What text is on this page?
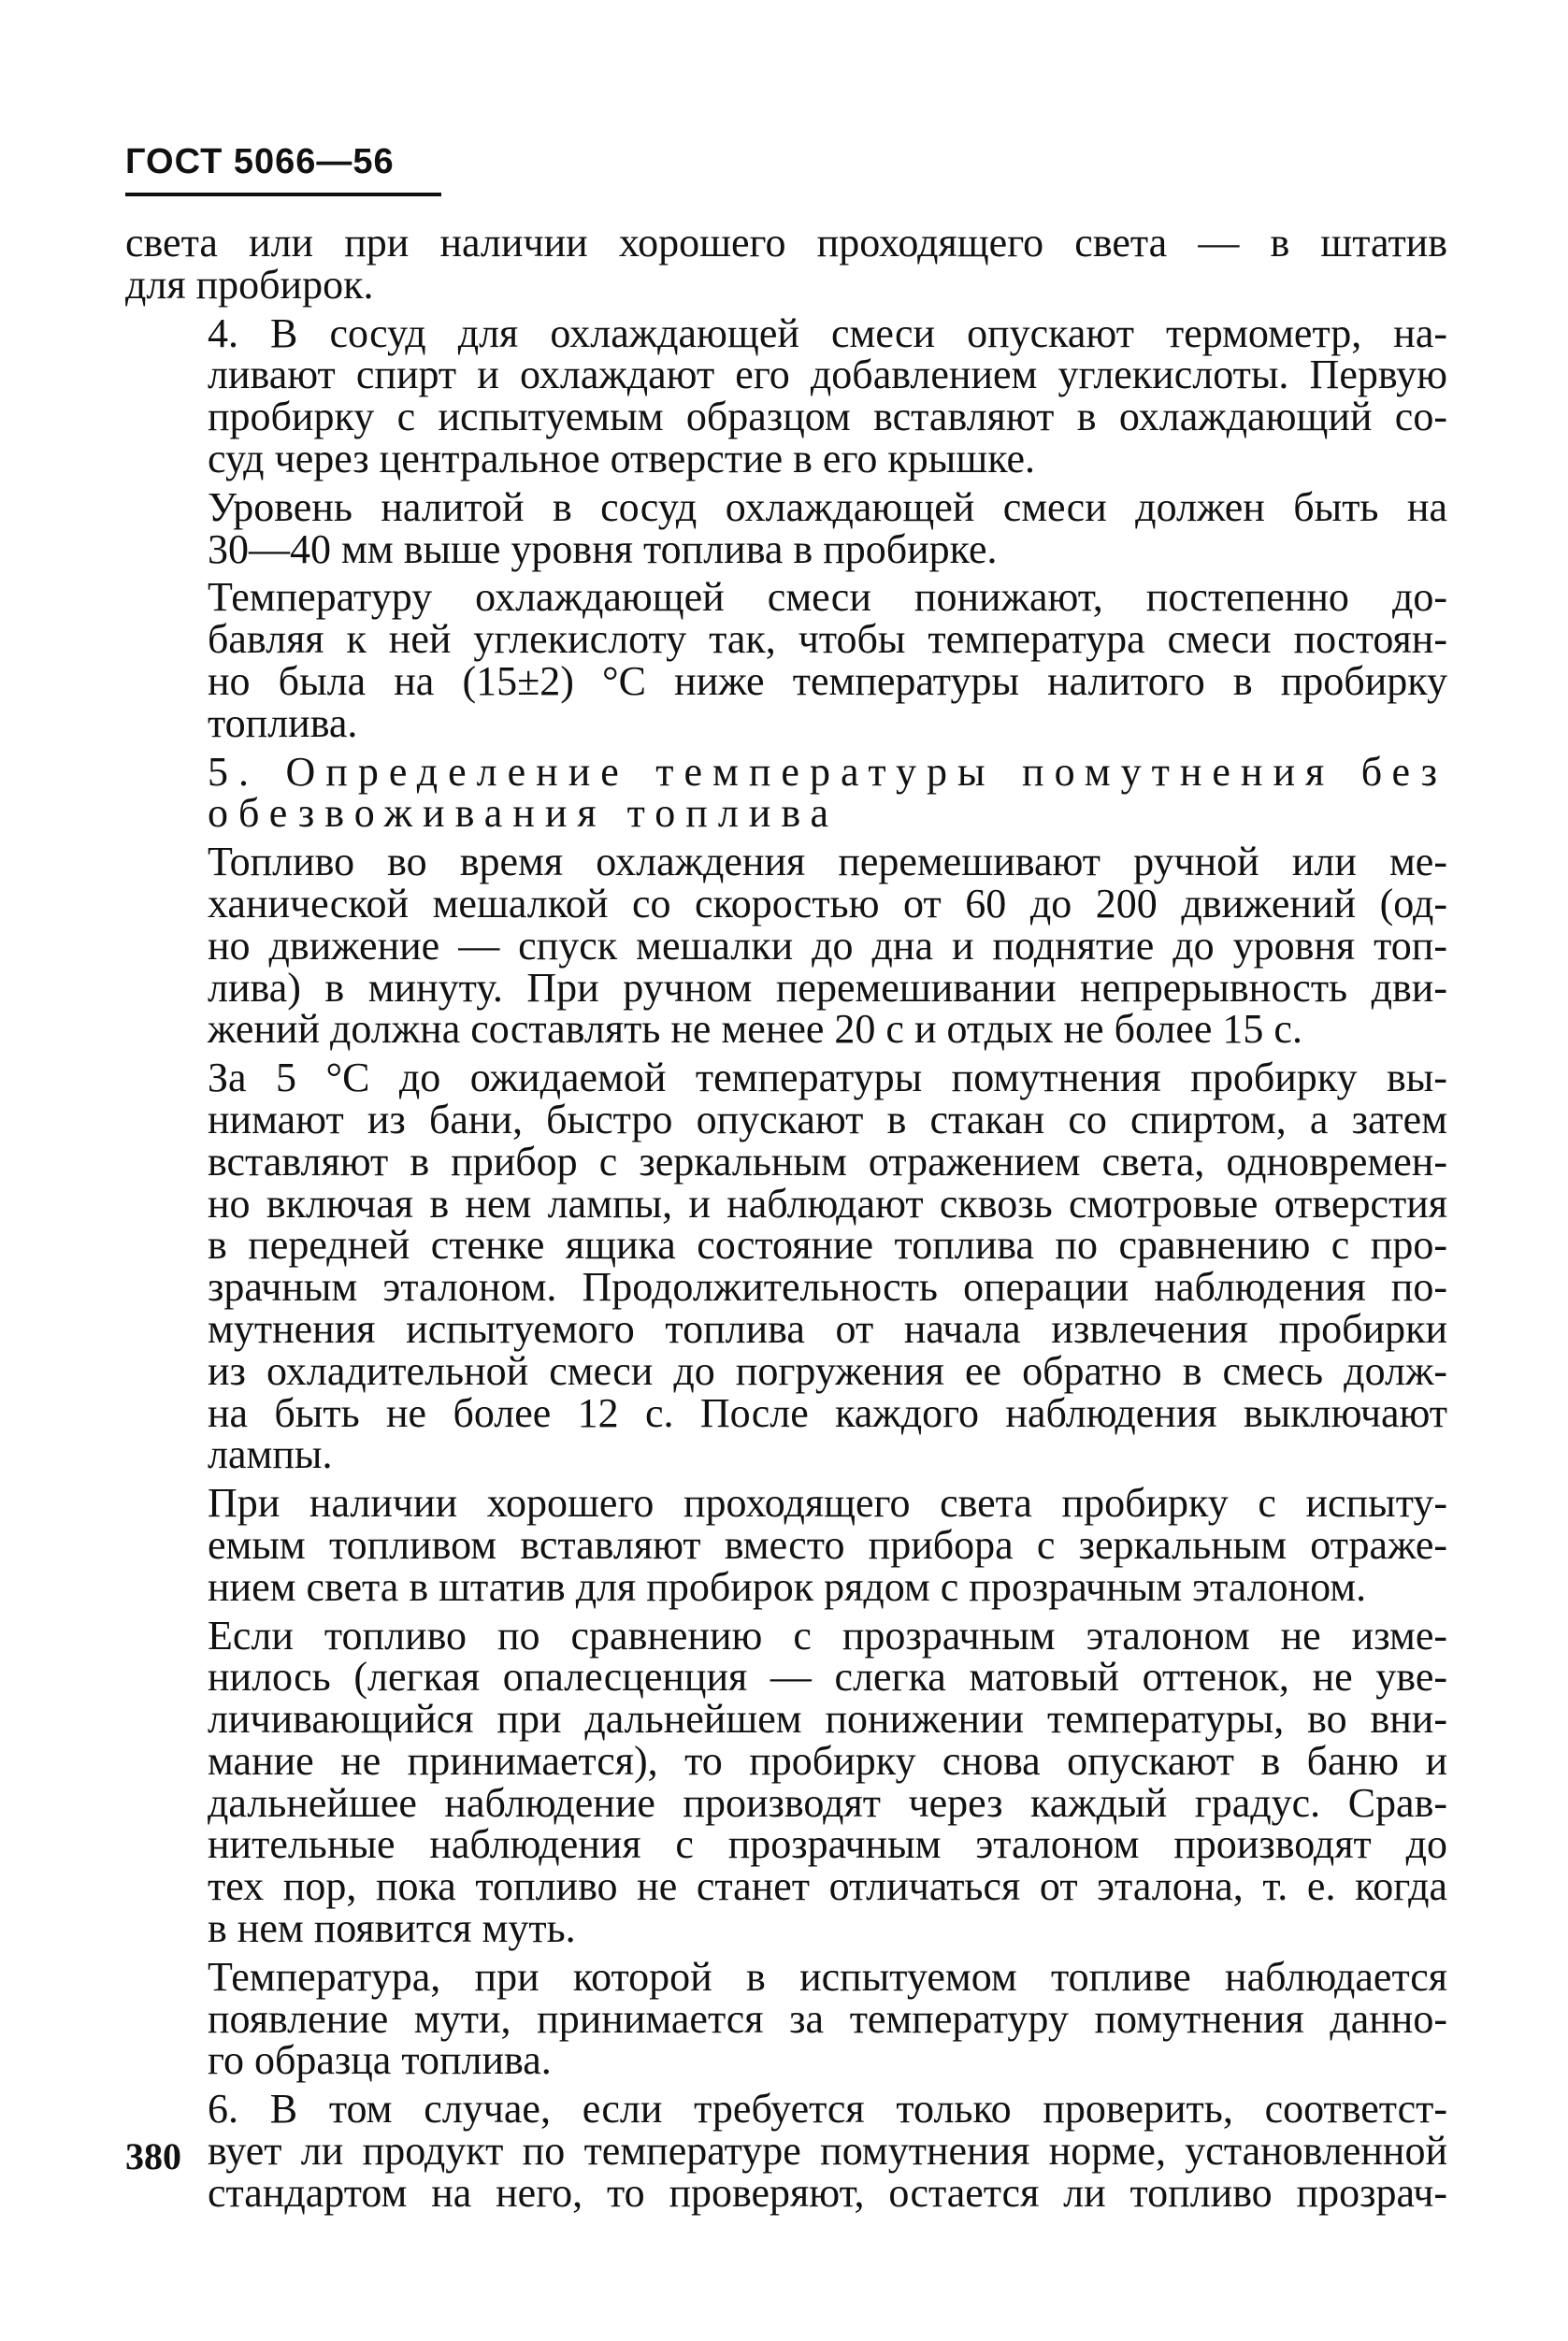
ГОСТ 5066—56

света или при наличии хорошего проходящего света — в штатив
для пробирок.

4. В сосуд для охлаждающей смеси опускают термометр, на-
ливают спирт и охлаждают его добавлением углекислоты. Первую
пробирку с испытуемым образцом вставляют в охлаждающий со-
суд через центральное отверстие в его крышке.

Уровень налитой в сосуд охлаждающей смеси должен быть на
30—40 мм выше уровня топлива в пробирке.

Температуру охлаждающей смеси понижают, постепенно до-
бавляя к ней углекислоту так, чтобы температура смеси постоян-
но была на (15±2) °С ниже температуры налитого в пробирку
топлива.

5. Определение температуры помутнения без
обезвоживания топлива

Топливо во время охлаждения перемешивают ручной или ме-
ханической мешалкой со скоростью от 60 до 200 движений (од-
но движение — спуск мешалки до дна и поднятие до уровня топ-
лива) в минуту. При ручном перемешивании непрерывность дви-
жений должна составлять не менее 20 с и отдых не более 15 с.

За 5 °С до ожидаемой температуры помутнения пробирку вы-
нимают из бани, быстро опускают в стакан со спиртом, а затем
вставляют в прибор с зеркальным отражением света, одновремен-
но включая в нем лампы, и наблюдают сквозь смотровые отверстия
в передней стенке ящика состояние топлива по сравнению с про-
зрачным эталоном. Продолжительность операции наблюдения по-
мутнения испытуемого топлива от начала извлечения пробирки
из охладительной смеси до погружения ее обратно в смесь долж-
на быть не более 12 с. После каждого наблюдения выключают
лампы.

При наличии хорошего проходящего света пробирку с испыту-
емым топливом вставляют вместо прибора с зеркальным отраже-
нием света в штатив для пробирок рядом с прозрачным эталоном.

Если топливо по сравнению с прозрачным эталоном не изме-
нилось (легкая опалесценция — слегка матовый оттенок, не уве-
личивающийся при дальнейшем понижении температуры, во вни-
мание не принимается), то пробирку снова опускают в баню и
дальнейшее наблюдение производят через каждый градус. Срав-
нительные наблюдения с прозрачным эталоном производят до
тех пор, пока топливо не станет отличаться от эталона, т. е. когда
в нем появится муть.

Температура, при которой в испытуемом топливе наблюдается
появление мути, принимается за температуру помутнения данно-
го образца топлива.

6. В том случае, если требуется только проверить, соответст-
вует ли продукт по температуре помутнения норме, установленной
стандартом на него, то проверяют, остается ли топливо прозрач-

380
